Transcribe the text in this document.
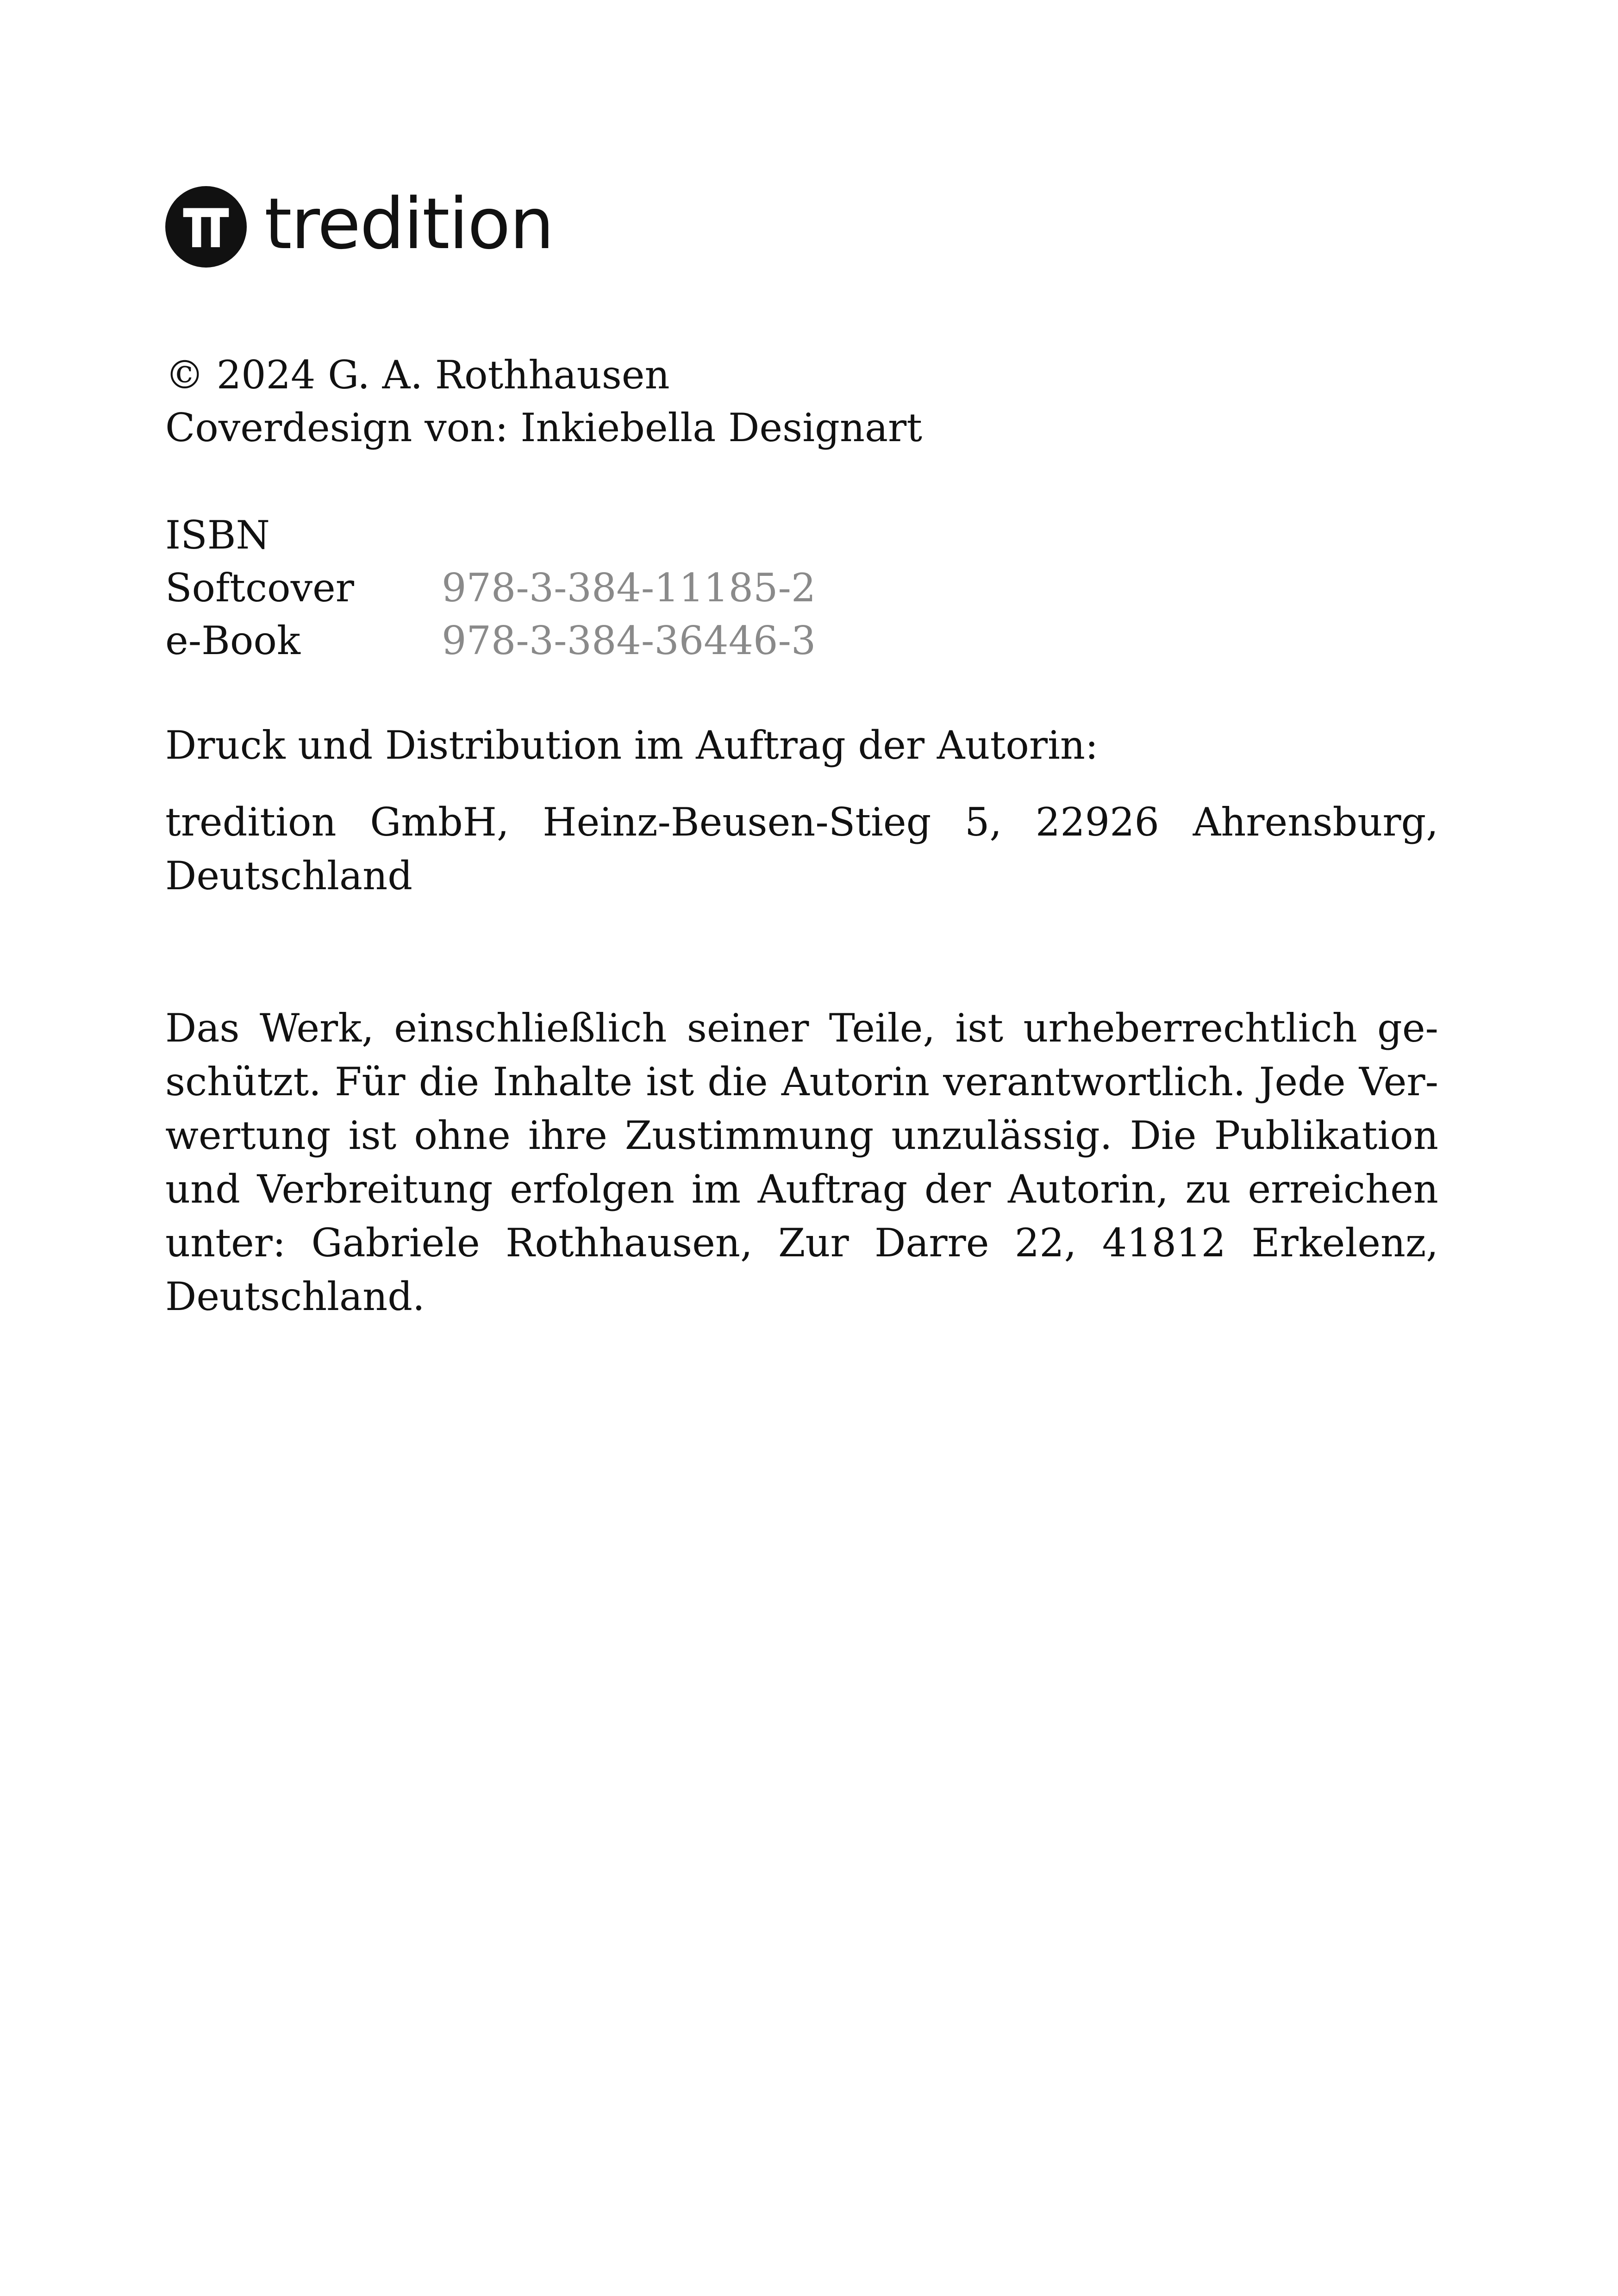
tredition
© 2024 G. A. Rothhausen
Coverdesign von: Inkiebella Designart
ISBN
Softcover 978-3-384-11185-2
e-Book	978-3-384-36446-3
Druck und Distribution im Auftrag der Autorin:
tredition GmbH, Heinz-Beusen-Stieg 5, 22926 Ahrensburg,
Deutschland
Das Werk, einschließlich seiner Teile, ist urheberrechtlich ge-
schützt. Für die Inhalte ist die Autorin verantwortlich. Jede Ver-
wertung ist ohne ihre Zustimmung unzulässig. Die Publikation
und Verbreitung erfolgen im Auftrag der Autorin, zu erreichen
unter: Gabriele Rothhausen, Zur Darre 22, 41812 Erkelenz,
Deutschland.
